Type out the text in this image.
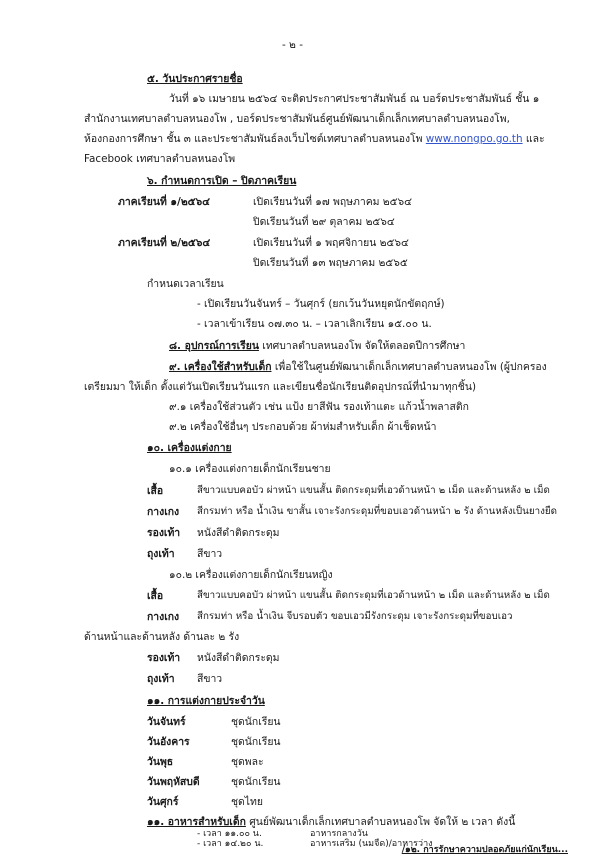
- ๒ -
๕. วันประกาศรายชื่อ
วันที่ ๑๖ เมษายน ๒๕๖๔ จะติดประกาศประชาสัมพันธ์ ณ บอร์ดประชาสัมพันธ์ ชั้น ๑
สำนักงานเทศบาลตำบลหนองโพ , บอร์ดประชาสัมพันธ์ศูนย์พัฒนาเด็กเล็กเทศบาลตำบลหนองโพ,
ห้องกองการศึกษา ชั้น ๓ และประชาสัมพันธ์ลงเว็บไซต์เทศบาลตำบลหนองโพ www.nongpo.go.th และ
Facebook เทศบาลตำบลหนองโพ
๖. กำหนดการเปิด – ปิดภาคเรียน
ภาคเรียนที่ ๑/๒๕๖๔	เปิดเรียนวันที่ ๑๗ พฤษภาคม ๒๕๖๔
ปิดเรียนวันที่ ๒๙ ตุลาคม ๒๕๖๔
ภาคเรียนที่ ๒/๒๕๖๔	เปิดเรียนวันที่ ๑ พฤศจิกายน ๒๕๖๔
ปิดเรียนวันที่ ๑๓ พฤษภาคม ๒๕๖๕
กำหนดเวลาเรียน
- เปิดเรียนวันจันทร์ – วันศุกร์ (ยกเว้นวันหยุดนักขัตฤกษ์)
- เวลาเข้าเรียน ๐๗.๓๐ น. – เวลาเลิกเรียน ๑๕.๐๐ น.
๘. อุปกรณ์การเรียน เทศบาลตำบลหนองโพ จัดให้ตลอดปีการศึกษา
๙. เครื่องใช้สำหรับเด็ก เพื่อใช้ในศูนย์พัฒนาเด็กเล็กเทศบาลตำบลหนองโพ (ผู้ปกครอง
เตรียมมา ให้เด็ก ตั้งแต่วันเปิดเรียนวันแรก และเขียนชื่อนักเรียนติดอุปกรณ์ที่นำมาทุกชิ้น)
๙.๑ เครื่องใช้ส่วนตัว เช่น แป้ง ยาสีฟัน รองเท้าแตะ แก้วน้ำพลาสติก
๙.๒ เครื่องใช้อื่นๆ ประกอบด้วย ผ้าห่มสำหรับเด็ก ผ้าเช็ดหน้า
๑๐. เครื่องแต่งกาย
๑๐.๑ เครื่องแต่งกายเด็กนักเรียนชาย
เสื้อ	สีขาวแบบคอบัว ผ่าหน้า แขนสั้น ติดกระดุมที่เอวด้านหน้า ๒ เม็ด และด้านหลัง ๒ เม็ด
กางเกง สีกรมท่า หรือ น้ำเงิน ขาสั้น เจาะรังกระดุมที่ขอบเอวด้านหน้า ๒ รัง ด้านหลังเป็นยางยืด
รองเท้า หนังสีดำติดกระดุม
ถุงเท้า สีขาว
๑๐.๒ เครื่องแต่งกายเด็กนักเรียนหญิง
เสื้อ	สีขาวแบบคอบัว ผ่าหน้า แขนสั้น ติดกระดุมที่เอวด้านหน้า ๒ เม็ด และด้านหลัง ๒ เม็ด
กางเกง สีกรมท่า หรือ น้ำเงิน จีบรอบตัว ขอบเอวมีรังกระดุม เจาะรังกระดุมที่ขอบเอว
ด้านหน้าและด้านหลัง ด้านละ ๒ รัง
รองเท้า หนังสีดำติดกระดุม
ถุงเท้า สีขาว
๑๑. การแต่งกายประจำวัน
วันจันทร์	ชุดนักเรียน
วันอังคาร	ชุดนักเรียน
วันพุธ	ชุดพละ
วันพฤหัสบดี	ชุดนักเรียน
วันศุกร์	ชุดไทย
๑๑. อาหารสำหรับเด็ก ศูนย์พัฒนาเด็กเล็กเทศบาลตำบลหนองโพ จัดให้ ๒ เวลา ดังนี้
- เวลา ๑๑.๐๐ น.	อาหารกลางวัน
- เวลา ๑๔.๒๐ น.	อาหารเสริม (นมจืด)/อาหารว่าง
/๑๒. การรักษาความปลอดภัยแก่นักเรียน...
